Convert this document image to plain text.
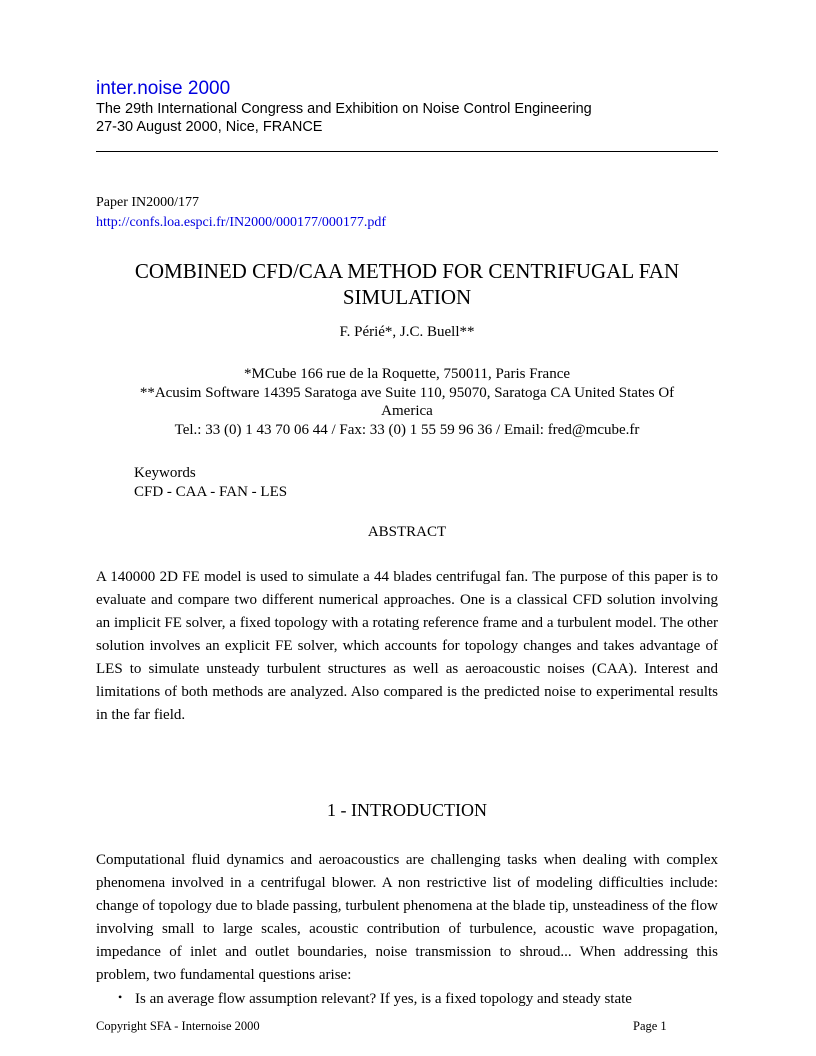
inter.noise 2000
The 29th International Congress and Exhibition on Noise Control Engineering
27-30 August 2000, Nice, FRANCE
Paper IN2000/177
http://confs.loa.espci.fr/IN2000/000177/000177.pdf
COMBINED CFD/CAA METHOD FOR CENTRIFUGAL FAN
SIMULATION
F. Périé*, J.C. Buell**
*MCube 166 rue de la Roquette, 750011, Paris France
**Acusim Software 14395 Saratoga ave Suite 110, 95070, Saratoga CA United States Of
America
Tel.: 33 (0) 1 43 70 06 44 / Fax: 33 (0) 1 55 59 96 36 / Email: fred@mcube.fr
Keywords
CFD - CAA - FAN - LES
ABSTRACT
A 140000 2D FE model is used to simulate a 44 blades centrifugal fan. The purpose of this paper is to evaluate and compare two different numerical approaches. One is a classical CFD solution involving an implicit FE solver, a fixed topology with a rotating reference frame and a turbulent model. The other solution involves an explicit FE solver, which accounts for topology changes and takes advantage of LES to simulate unsteady turbulent structures as well as aeroacoustic noises (CAA). Interest and limitations of both methods are analyzed. Also compared is the predicted noise to experimental results in the far field.
1 - INTRODUCTION
Computational fluid dynamics and aeroacoustics are challenging tasks when dealing with complex phenomena involved in a centrifugal blower. A non restrictive list of modeling difficulties include: change of topology due to blade passing, turbulent phenomena at the blade tip, unsteadiness of the flow involving small to large scales, acoustic contribution of turbulence, acoustic wave propagation, impedance of inlet and outlet boundaries, noise transmission to shroud... When addressing this problem, two fundamental questions arise:
• Is an average flow assumption relevant? If yes, is a fixed topology and steady state
Copyright SFA - Internoise 2000	Page 1
